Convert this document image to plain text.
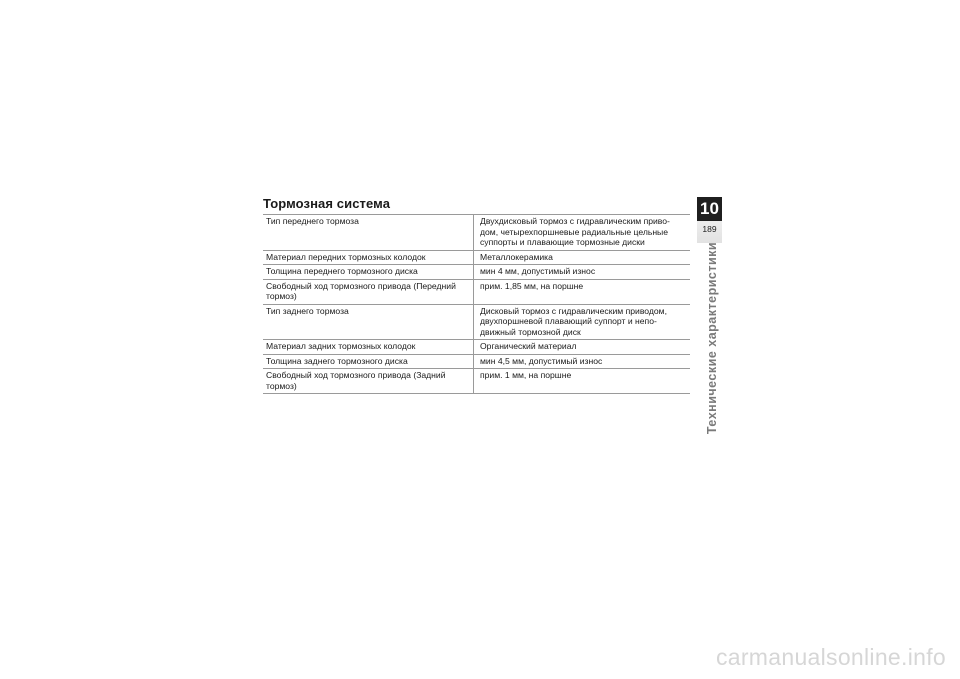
Тормозная система
Тип переднего тормоза	Двухдисковый тормоз с гидравлическим приво-
дом, четырехпоршневые радиальные цельные
суппорты и плавающие тормозные диски
Материал передних тормозных колодок	Металлокерамика
Толщина переднего тормозного диска	мин 4 мм, допустимый износ
Свободный ход тормозного привода (Передний
тормоз)	прим. 1,85 мм, на поршне
Тип заднего тормоза	Дисковый тормоз с гидравлическим приводом,
двухпоршневой плавающий суппорт и непо-
движный тормозной диск
Материал задних тормозных колодок	Органический материал
Толщина заднего тормозного диска	мин 4,5 мм, допустимый износ
Свободный ход тормозного привода (Задний
тормоз)	прим. 1 мм, на поршне
10
189
Технические характеристики
carmanualsonline.info
